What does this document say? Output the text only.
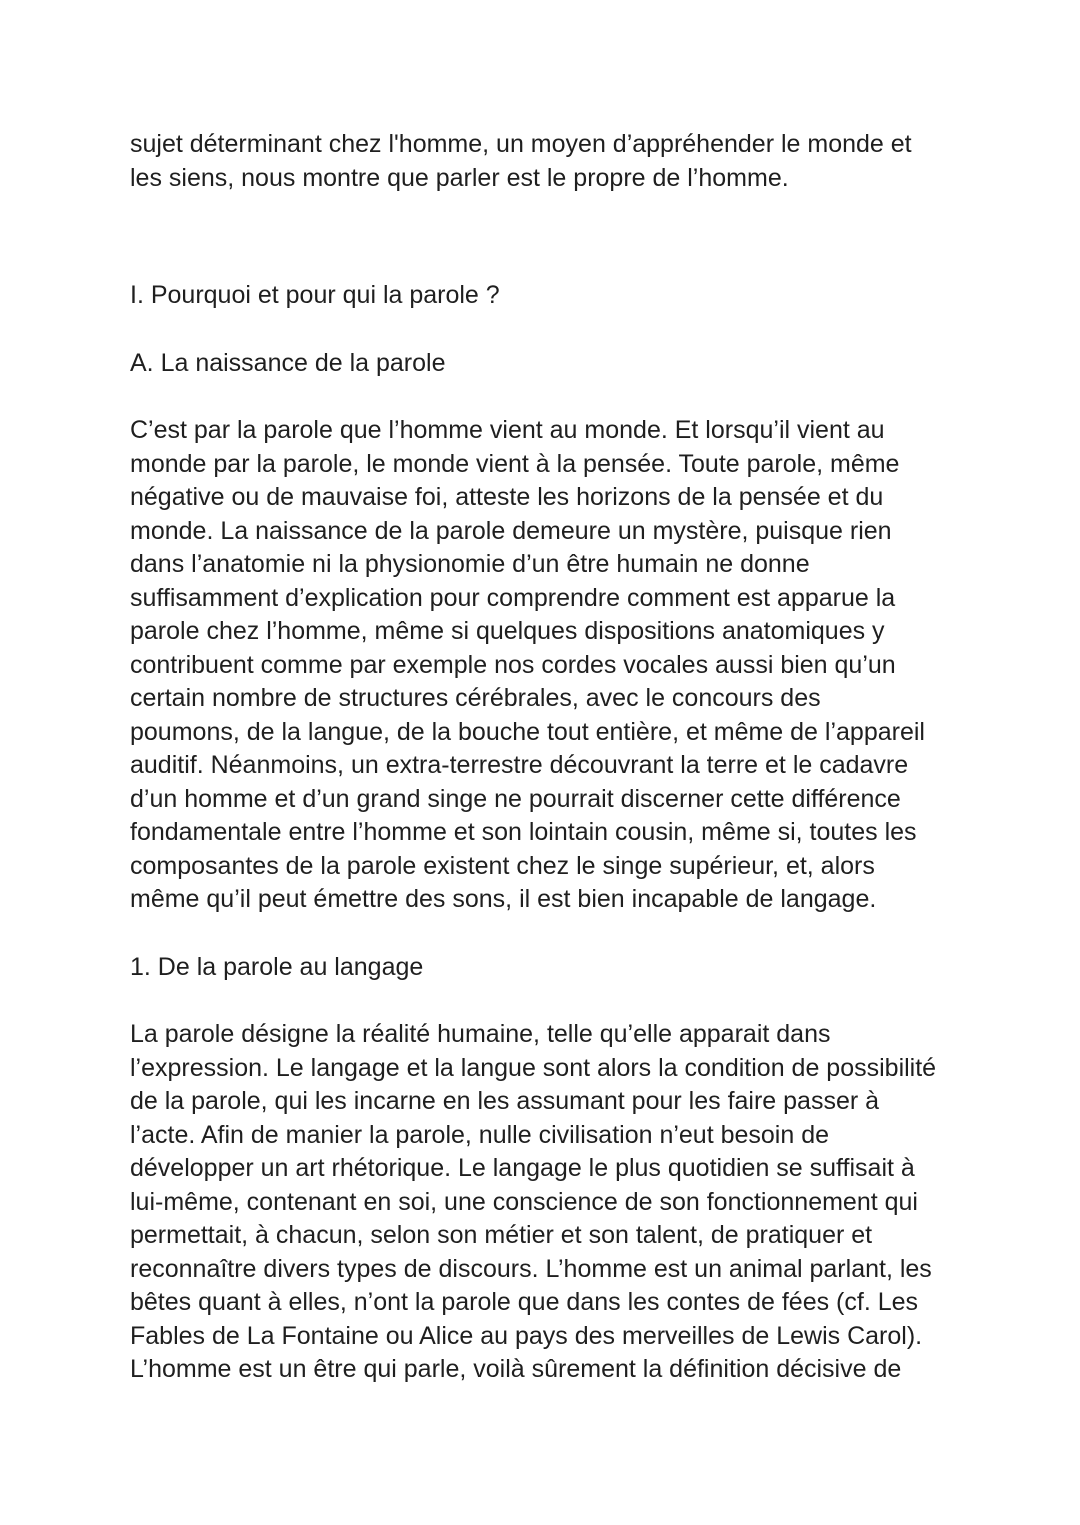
sujet déterminant chez l'homme, un moyen d’appréhender le monde et
les siens, nous montre que parler est le propre de l’homme.

I. Pourquoi et pour qui la parole ?

A. La naissance de la parole

C’est par la parole que l’homme vient au monde. Et lorsqu’il vient au
monde par la parole, le monde vient à la pensée. Toute parole, même
négative ou de mauvaise foi, atteste les horizons de la pensée et du
monde. La naissance de la parole demeure un mystère, puisque rien
dans l’anatomie ni la physionomie d’un être humain ne donne
suffisamment d’explication pour comprendre comment est apparue la
parole chez l’homme, même si quelques dispositions anatomiques y
contribuent comme par exemple nos cordes vocales aussi bien qu’un
certain nombre de structures cérébrales, avec le concours des
poumons, de la langue, de la bouche tout entière, et même de l’appareil
auditif. Néanmoins, un extra-terrestre découvrant la terre et le cadavre
d’un homme et d’un grand singe ne pourrait discerner cette différence
fondamentale entre l’homme et son lointain cousin, même si, toutes les
composantes de la parole existent chez le singe supérieur, et, alors
même qu’il peut émettre des sons, il est bien incapable de langage.

1. De la parole au langage

La parole désigne la réalité humaine, telle qu’elle apparait dans
l’expression. Le langage et la langue sont alors la condition de possibilité
de la parole, qui les incarne en les assumant pour les faire passer à
l’acte. Afin de manier la parole, nulle civilisation n’eut besoin de
développer un art rhétorique. Le langage le plus quotidien se suffisait à
lui-même, contenant en soi, une conscience de son fonctionnement qui
permettait, à chacun, selon son métier et son talent, de pratiquer et
reconnaître divers types de discours. L’homme est un animal parlant, les
bêtes quant à elles, n’ont la parole que dans les contes de fées (cf. Les
Fables de La Fontaine ou Alice au pays des merveilles de Lewis Carol).
L’homme est un être qui parle, voilà sûrement la définition décisive de
